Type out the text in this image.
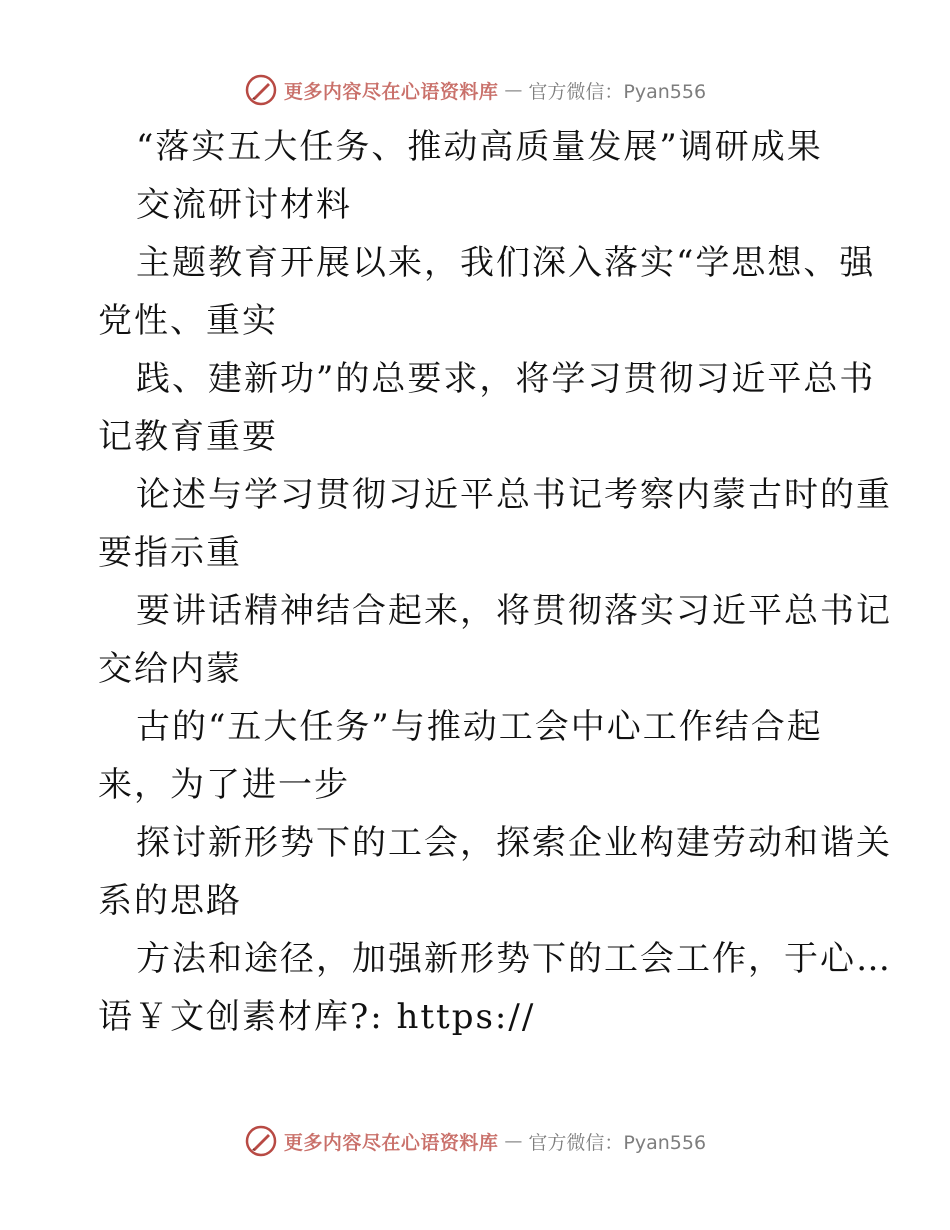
更多内容尽在心语资料库 — 官方微信：Pyan556
“落实五大任务、推动高质量发展”调研成果
交流研讨材料
主题教育开展以来，我们深入落实“学思想、强
党性、重实
践、建新功”的总要求，将学习贯彻习近平总书
记教育重要
论述与学习贯彻习近平总书记考察内蒙古时的重
要指示重
要讲话精神结合起来，将贯彻落实习近平总书记
交给内蒙
古的“五大任务”与推动工会中心工作结合起
来，为了进一步
探讨新形势下的工会，探索企业构建劳动和谐关
系的思路
方法和途径，加强新形势下的工会工作，于心…
语￥文创素材库?: https://
更多内容尽在心语资料库 — 官方微信：Pyan556
